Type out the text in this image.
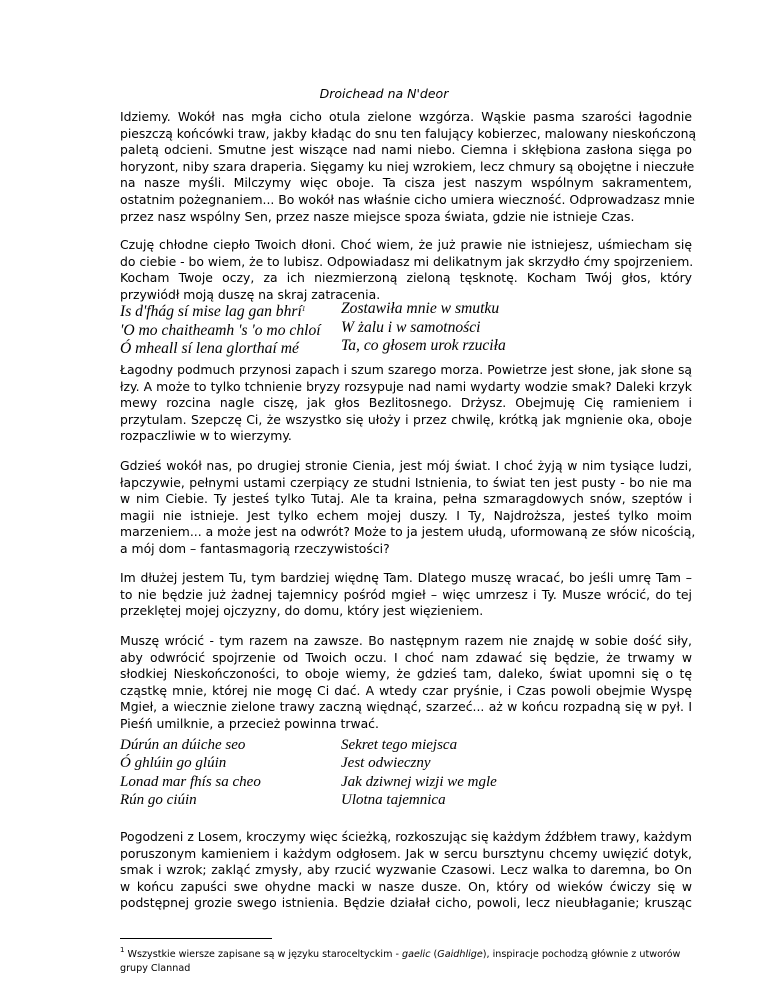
Droichead na N'deor
Idziemy. Wokół nas mgła cicho otula zielone wzgórza. Wąskie pasma szarości łagodnie
pieszczą końcówki traw, jakby kładąc do snu ten falujący kobierzec, malowany nieskończoną
paletą odcieni. Smutne jest wiszące nad nami niebo. Ciemna i skłębiona zasłona sięga po
horyzont, niby szara draperia. Sięgamy ku niej wzrokiem, lecz chmury są obojętne i nieczułe
na nasze myśli. Milczymy więc oboje. Ta cisza jest naszym wspólnym sakramentem,
ostatnim pożegnaniem... Bo wokół nas właśnie cicho umiera wieczność. Odprowadzasz mnie
przez nasz wspólny Sen, przez nasze miejsce spoza świata, gdzie nie istnieje Czas.
Czuję chłodne ciepło Twoich dłoni. Choć wiem, że już prawie nie istniejesz, uśmiecham się
do ciebie - bo wiem, że to lubisz. Odpowiadasz mi delikatnym jak skrzydło ćmy spojrzeniem.
Kocham Twoje oczy, za ich niezmierzoną zieloną tęsknotę. Kocham Twój głos, który
przywiódł moją duszę na skraj zatracenia.
Is d'fhág sí mise lag gan bhrí$^1$
'O mo chaitheamh 's 'o mo chloí
Ó mheall sí lena glorthaí mé
Zostawiła mnie w smutku
W żalu i w samotności
Ta, co głosem urok rzuciła
Łagodny podmuch przynosi zapach i szum szarego morza. Powietrze jest słone, jak słone są
łzy. A może to tylko tchnienie bryzy rozsypuje nad nami wydarty wodzie smak? Daleki krzyk
mewy rozcina nagle ciszę, jak głos Bezlitosnego. Drżysz. Obejmuję Cię ramieniem i
przytulam. Szepczę Ci, że wszystko się ułoży i przez chwilę, krótką jak mgnienie oka, oboje
rozpaczliwie w to wierzymy.
Gdzieś wokół nas, po drugiej stronie Cienia, jest mój świat. I choć żyją w nim tysiące ludzi,
łapczywie, pełnymi ustami czerpiący ze studni Istnienia, to świat ten jest pusty - bo nie ma
w nim Ciebie. Ty jesteś tylko Tutaj. Ale ta kraina, pełna szmaragdowych snów, szeptów i
magii nie istnieje. Jest tylko echem mojej duszy. I Ty, Najdroższa, jesteś tylko moim
marzeniem... a może jest na odwrót? Może to ja jestem ułudą, uformowaną ze słów nicością,
a mój dom – fantasmagorią rzeczywistości?
Im dłużej jestem Tu, tym bardziej więdnę Tam. Dlatego muszę wracać, bo jeśli umrę Tam –
to nie będzie już żadnej tajemnicy pośród mgieł – więc umrzesz i Ty. Musze wrócić, do tej
przeklętej mojej ojczyzny, do domu, który jest więzieniem.
Muszę wrócić - tym razem na zawsze. Bo następnym razem nie znajdę w sobie dość siły,
aby odwrócić spojrzenie od Twoich oczu. I choć nam zdawać się będzie, że trwamy w
słodkiej Nieskończoności, to oboje wiemy, że gdzieś tam, daleko, świat upomni się o tę
cząstkę mnie, której nie mogę Ci dać. A wtedy czar pryśnie, i Czas powoli obejmie Wyspę
Mgieł, a wiecznie zielone trawy zaczną więdnąć, szarzeć... aż w końcu rozpadną się w pył. I
Pieśń umilknie, a przecież powinna trwać.
Dúrún an dúiche seo
Ó ghlúin go glúin
Lonad mar fhís sa cheo
Rún go ciúin
Sekret tego miejsca
Jest odwieczny
Jak dziwnej wizji we mgle
Ulotna tajemnica
Pogodzeni z Losem, kroczymy więc ścieżką, rozkoszując się każdym źdźbłem trawy, każdym
poruszonym kamieniem i każdym odgłosem. Jak w sercu bursztynu chcemy uwięzić dotyk,
smak i wzrok; zakląć zmysły, aby rzucić wyzwanie Czasowi. Lecz walka to daremna, bo On
w końcu zapuści swe ohydne macki w nasze dusze. On, który od wieków ćwiczy się w
podstępnej grozie swego istnienia. Będzie działał cicho, powoli, lecz nieubłaganie; krusząc
$^1$ Wszystkie wiersze zapisane są w języku staroceltyckim - gaelic (Gaidhlige), inspiracje pochodzą głównie z utworów
grupy Clannad
